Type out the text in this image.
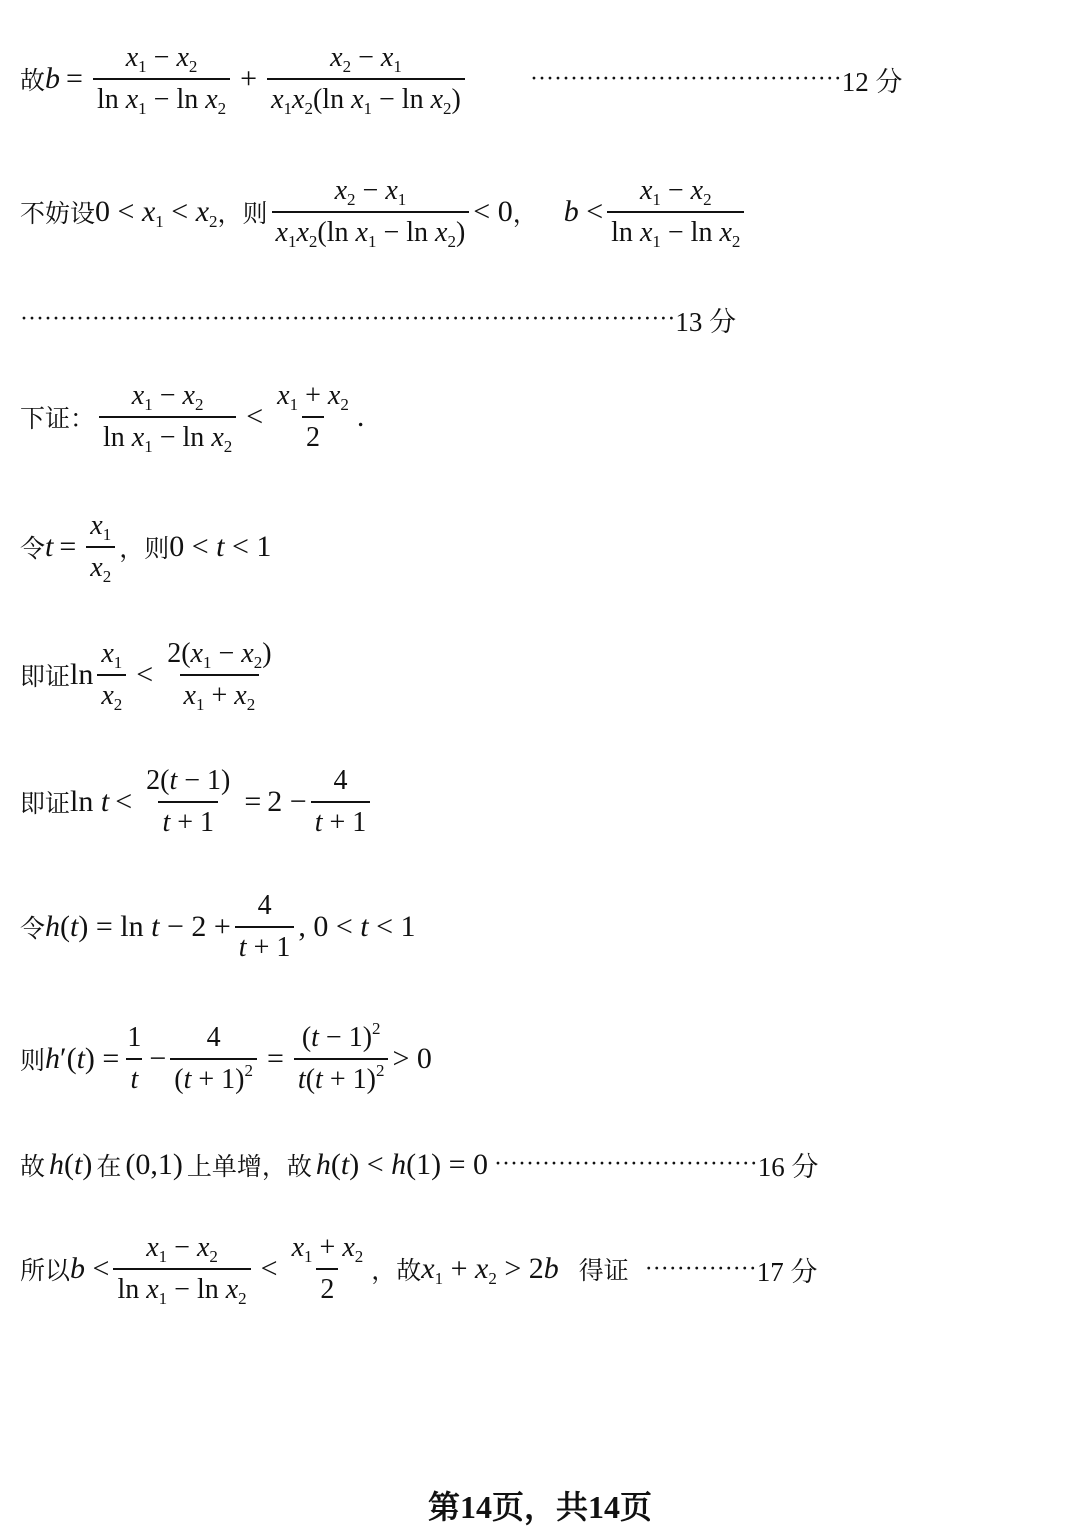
故 $b = \frac{x_1 - x_2}{\ln x_1 - \ln x_2} + \frac{x_2 - x_1}{x_1x_2(\ln x_1 - \ln x_2)}$	······································· 12 分
不妨设 $0 < x_1 < x_2$ ，则 $\frac{x_2 - x_1}{x_1x_2(\ln x_1 - \ln x_2)} < 0$ ， $b < \frac{x_1 - x_2}{\ln x_1 - \ln x_2}$
·················································································· 13 分
下证： $\frac{x_1 - x_2}{\ln x_1 - \ln x_2} < \frac{x_1 + x_2}{2}$ .
令 $t = \frac{x_1}{x_2}$ ，则 0 < t < 1
即证 $\ln \frac{x_1}{x_2} < \frac{2(x_1 - x_2)}{x_1 + x_2}$
即证 $\ln t < \frac{2(t - 1)}{t + 1} = 2 - \frac{4}{t + 1}$
令 $h(t) = \ln t - 2 + \frac{4}{t + 1}$ , 0 < t < 1
则 $h'(t) = \frac{1}{t} - \frac{4}{(t + 1)^2} = \frac{(t - 1)^2}{t(t + 1)^2} > 0$
故 h(t) 在 (0,1) 上单增，故 h(t) < h(1) = 0 ································· 16 分
所以 $b < \frac{x_1 - x_2}{\ln x_1 - \ln x_2} < \frac{x_1 + x_2}{2}$ ，故 $x_1 + x_2 > 2b$ 得证 ·············· 17 分
第14页，共14页
